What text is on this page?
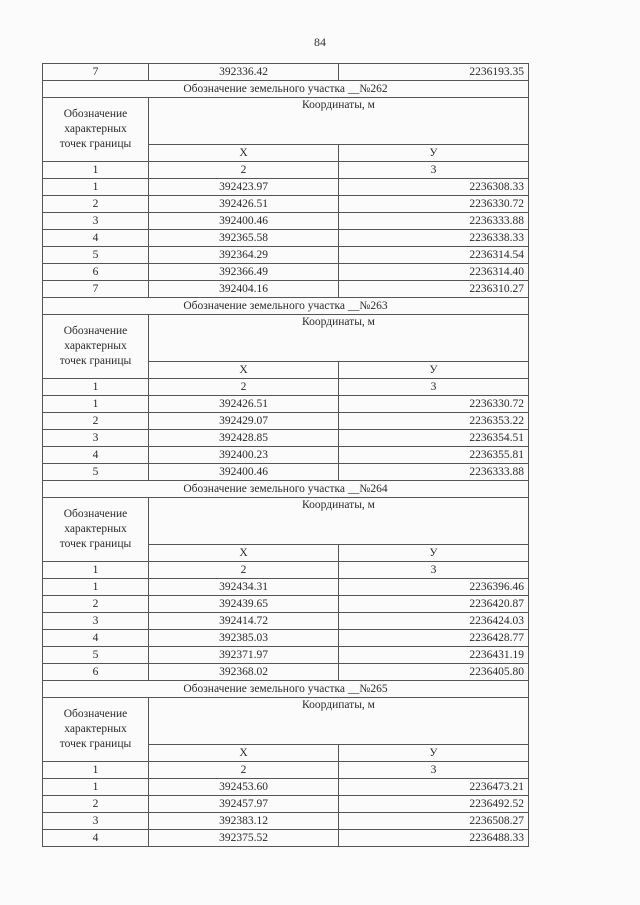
84
7	392336.42	2236193.35
Обозначение земельного участка __№262		

Обозначение
характерных
точек границы	Координаты, м	
	Х	У
1	2	3
1	392423.97	2236308.33
2	392426.51	2236330.72
3	392400.46	2236333.88
4	392365.58	2236338.33
5	392364.29	2236314.54
6	392366.49	2236314.40
7	392404.16	2236310.27
Обозначение земельного участка __№263		

Обозначение
характерных
точек границы	Координаты, м	
	Х	У
1	2	3
1	392426.51	2236330.72
2	392429.07	2236353.22
3	392428.85	2236354.51
4	392400.23	2236355.81
5	392400.46	2236333.88
Обозначение земельного участка __№264		

Обозначение
характерных
точек границы	Координаты, м	
	Х	У
1	2	3
1	392434.31	2236396.46
2	392439.65	2236420.87
3	392414.72	2236424.03
4	392385.03	2236428.77
5	392371.97	2236431.19
6	392368.02	2236405.80
Обозначение земельного участка __№265		

Обозначение
характерных
точек границы	Коордипаты, м	
	Х	У
1	2	3
1	392453.60	2236473.21
2	392457.97	2236492.52
3	392383.12	2236508.27
4	392375.52	2236488.33
